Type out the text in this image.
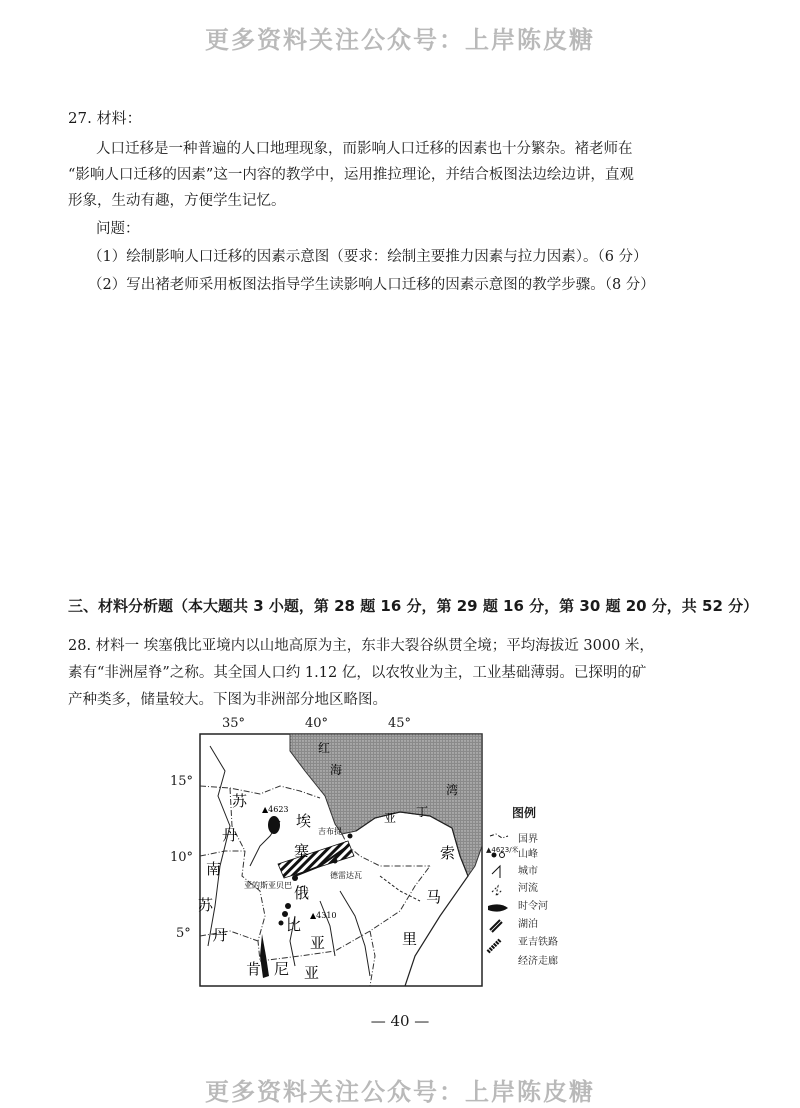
更多资料关注公众号：上岸陈皮糖
27. 材料：
人口迁移是一种普遍的人口地理现象，而影响人口迁移的因素也十分繁杂。褚老师在
“影响人口迁移的因素”这一内容的教学中，运用推拉理论，并结合板图法边绘边讲，直观
形象，生动有趣，方便学生记忆。
问题：
（1）绘制影响人口迁移的因素示意图（要求：绘制主要推力因素与拉力因素）。（6 分）
（2）写出褚老师采用板图法指导学生读影响人口迁移的因素示意图的教学步骤。（8 分）
三、材料分析题（本大题共 3 小题，第 28 题 16 分，第 29 题 16 分，第 30 题 20 分，共 52 分）
28. 材料一 埃塞俄比亚境内以山地高原为主，东非大裂谷纵贯全境；平均海拔近 3000 米，
素有“非洲屋脊”之称。其全国人口约 1.12 亿，以农牧业为主，工业基础薄弱。已探明的矿
产种类多，储量较大。下图为非洲部分地区略图。
35°	40°	45°
15°
10°
5°
红
海
亚 丁
湾
苏
丹
南
苏
丹
埃
塞
俄
比
亚
索
马
里
肯 尼 亚
▲4623
▲4310
吉布提
亚的斯亚贝巴
德雷达瓦
图例
国界
▲4623/米 山峰
城市
河流
时令河
湖泊
亚吉铁路
经济走廊
— 40 —
更多资料关注公众号：上岸陈皮糖
